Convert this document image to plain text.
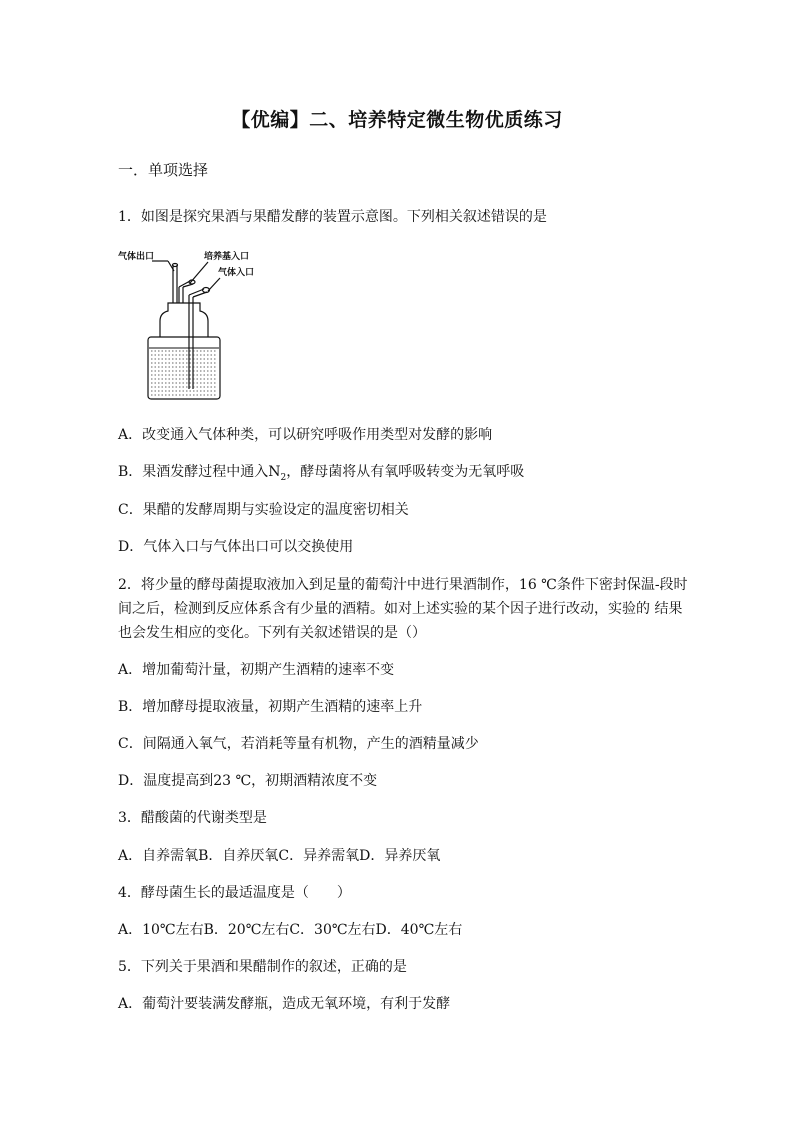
【优编】二、培养特定微生物优质练习
一．单项选择
1．如图是探究果酒与果醋发酵的装置示意图。下列相关叙述错误的是
气体出口	培养基入口
气体入口
A．改变通入气体种类，可以研究呼吸作用类型对发酵的影响
B．果酒发酵过程中通入$N_2$，酵母菌将从有氧呼吸转变为无氧呼吸
C．果醋的发酵周期与实验设定的温度密切相关
D．气体入口与气体出口可以交换使用
2．将少量的酵母菌提取液加入到足量的葡萄汁中进行果酒制作，16 ℃条件下密封保温-段时间之后，检测到反应体系含有少量的酒精。如对上述实验的某个因子进行改动，实验的 结果也会发生相应的变化。下列有关叙述错误的是（）
A．增加葡萄汁量，初期产生酒精的速率不变
B．增加酵母提取液量，初期产生酒精的速率上升
C．间隔通入氧气，若消耗等量有机物，产生的酒精量减少
D．温度提高到23 ℃，初期酒精浓度不变
3．醋酸菌的代谢类型是
A．自养需氧B．自养厌氧C．异养需氧D．异养厌氧
4．酵母菌生长的最适温度是（　　）
A．10℃左右B．20℃左右C．30℃左右D．40℃左右
5．下列关于果酒和果醋制作的叙述，正确的是
A．葡萄汁要装满发酵瓶，造成无氧环境，有利于发酵
